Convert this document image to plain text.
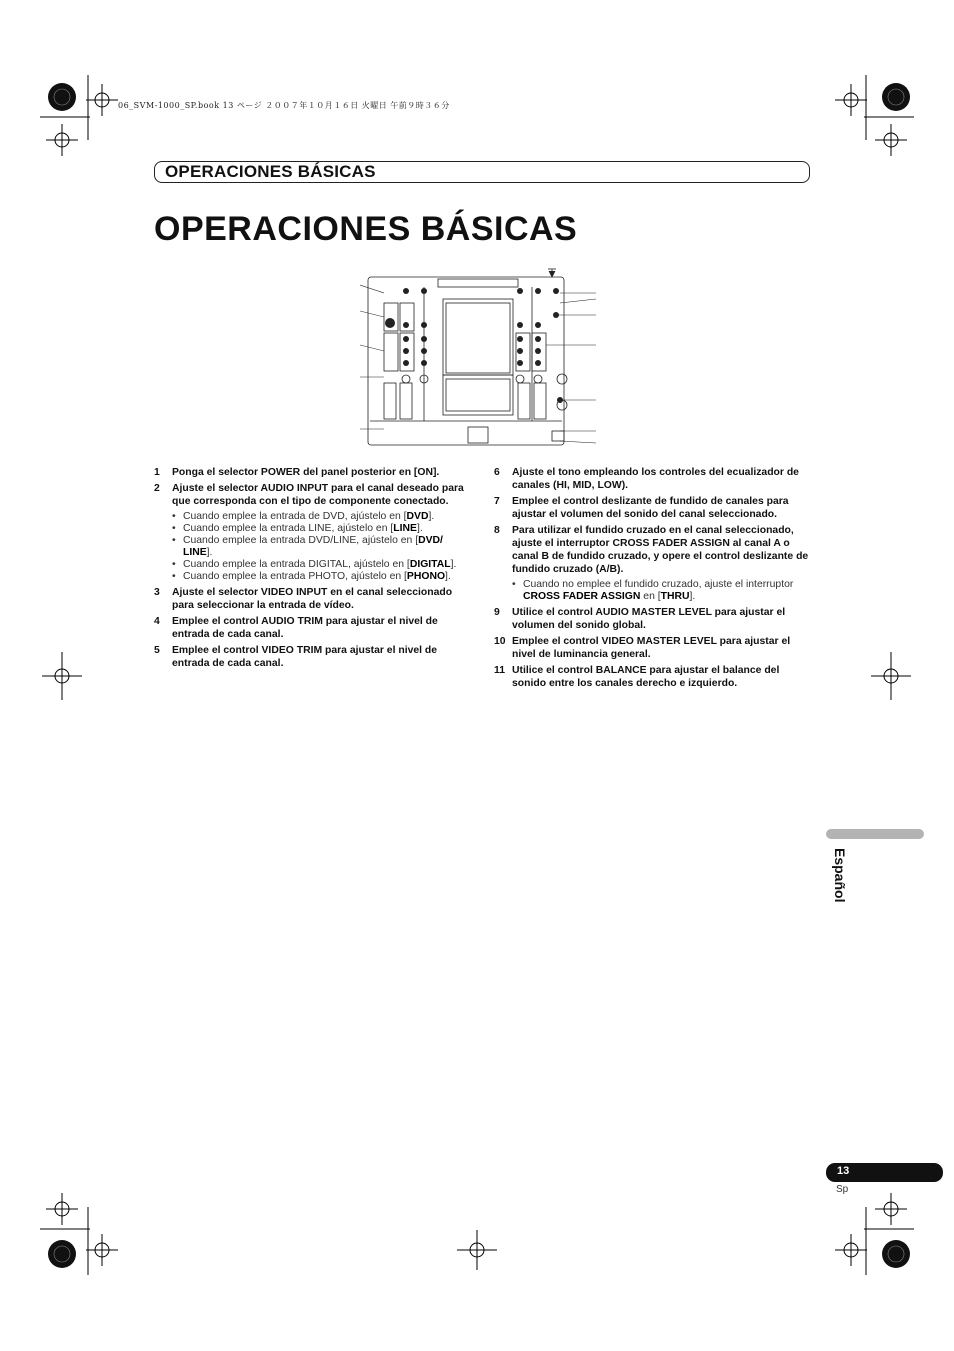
06_SVM-1000_SP.book 13 ページ ２００７年１０月１６日 火曜日 午前９時３６分
OPERACIONES BÁSICAS
OPERACIONES BÁSICAS
1 Ponga el selector POWER del panel posterior en [ON].
2 Ajuste el selector AUDIO INPUT para el canal deseado para que corresponda con el tipo de componente conectado.
• Cuando emplee la entrada de DVD, ajústelo en [DVD].
• Cuando emplee la entrada LINE, ajústelo en [LINE].
• Cuando emplee la entrada DVD/LINE, ajústelo en [DVD/ LINE].
• Cuando emplee la entrada DIGITAL, ajústelo en [DIGITAL].
• Cuando emplee la entrada PHOTO, ajústelo en [PHONO].
3 Ajuste el selector VIDEO INPUT en el canal seleccionado para seleccionar la entrada de vídeo.
4 Emplee el control AUDIO TRIM para ajustar el nivel de entrada de cada canal.
5 Emplee el control VIDEO TRIM para ajustar el nivel de entrada de cada canal.
6 Ajuste el tono empleando los controles del ecualizador de canales (HI, MID, LOW).
7 Emplee el control deslizante de fundido de canales para ajustar el volumen del sonido del canal seleccionado.
8 Para utilizar el fundido cruzado en el canal seleccionado, ajuste el interruptor CROSS FADER ASSIGN al canal A o canal B de fundido cruzado, y opere el control deslizante de fundido cruzado (A/B).
• Cuando no emplee el fundido cruzado, ajuste el interruptor CROSS FADER ASSIGN en [THRU].
9 Utilice el control AUDIO MASTER LEVEL para ajustar el volumen del sonido global.
10 Emplee el control VIDEO MASTER LEVEL para ajustar el nivel de luminancia general.
11 Utilice el control BALANCE para ajustar el balance del sonido entre los canales derecho e izquierdo.
Español
13
Sp
